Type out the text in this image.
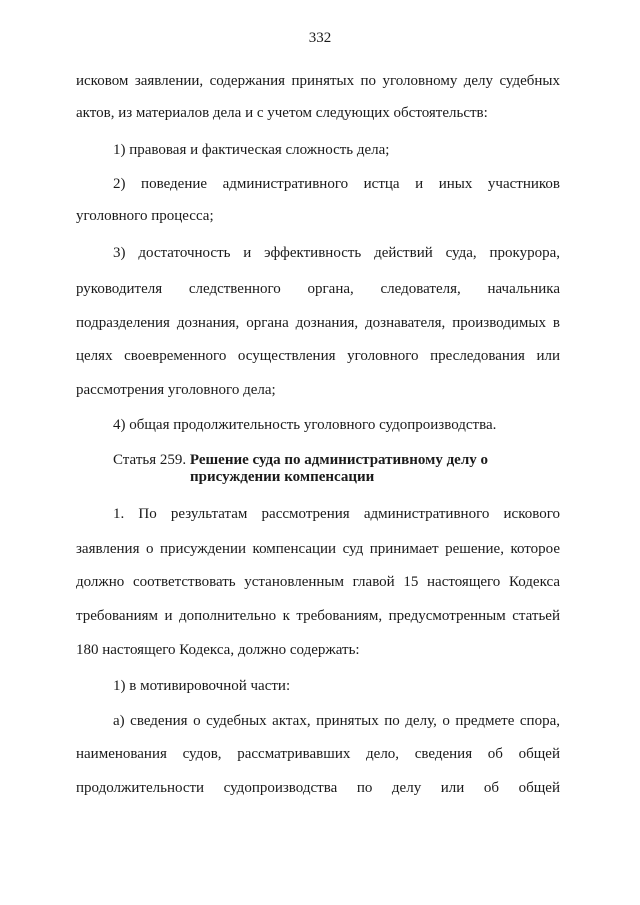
332
исковом заявлении, содержания принятых по уголовному делу судебных
актов, из материалов дела и с учетом следующих обстоятельств:
1) правовая и фактическая сложность дела;
2) поведение административного истца и иных участников
уголовного процесса;
3) достаточность и эффективность действий суда, прокурора,
руководителя следственного органа, следователя, начальника
подразделения дознания, органа дознания, дознавателя, производимых в
целях своевременного осуществления уголовного преследования или
рассмотрения уголовного дела;
4) общая продолжительность уголовного судопроизводства.
Статья 259. Решение суда по административному делу о
присуждении компенсации
1. По результатам рассмотрения административного искового
заявления о присуждении компенсации суд принимает решение, которое
должно соответствовать установленным главой 15 настоящего Кодекса
требованиям и дополнительно к требованиям, предусмотренным статьей
180 настоящего Кодекса, должно содержать:
1) в мотивировочной части:
а) сведения о судебных актах, принятых по делу, о предмете спора,
наименования судов, рассматривавших дело, сведения об общей
продолжительности судопроизводства по делу или об общей
